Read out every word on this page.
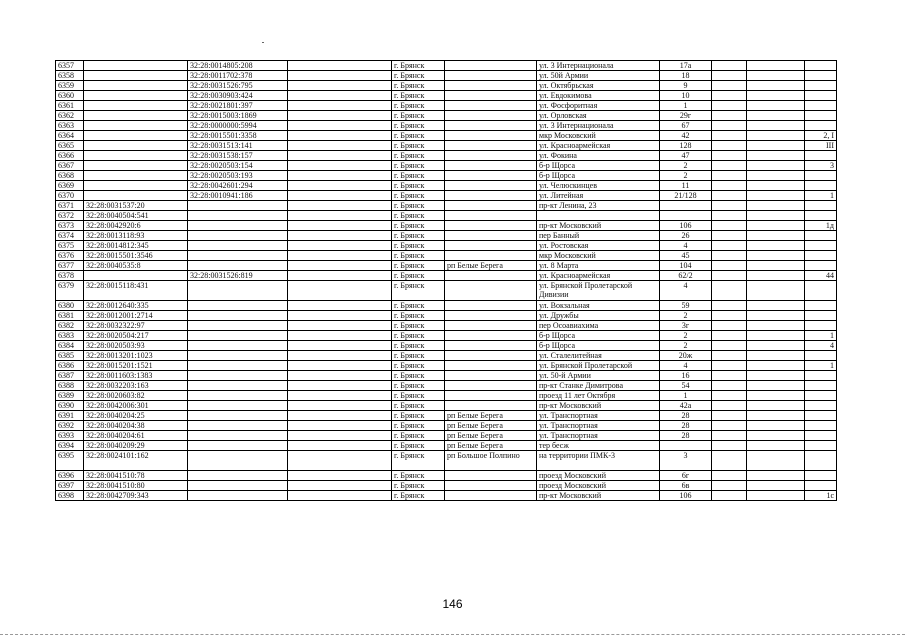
6357		32:28:0014805:208		г. Брянск		ул. 3 Интернационала	17а			
6358		32:28:0011702:378		г. Брянск		ул. 50й Армии	18			
6359		32:28:0031526:795		г. Брянск		ул. Октябрьская	9			
6360		32:28:0030903:424		г. Брянск		ул. Евдокимова	10			
6361		32:28:0021801:397		г. Брянск		ул. Фосфоритная	1			
6362		32:28:0015003:1869		г. Брянск		ул. Орловская	29г			
6363		32:28:0000000:5994		г. Брянск		ул. 3 Интернационала	67			
6364		32:28:0015501:3358		г. Брянск		мкр Московский	42			2, I
6365		32:28:0031513:141		г. Брянск		ул. Красноармейская	128			III
6366		32:28:0031538:157		г. Брянск		ул. Фокина	47			
6367		32:28:0020503:154		г. Брянск		б-р Щорса	2			3
6368		32:28:0020503:193		г. Брянск		б-р Щорса	2			
6369		32:28:0042601:294		г. Брянск		ул. Челюскинцев	11			
6370		32:28:0010941:186		г. Брянск		ул. Литейная	21/128			1
6371	32:28:0031537:20			г. Брянск		пр-кт Ленина, 23				
6372	32:28:0040504:541			г. Брянск						
6373	32:28:0042920:6			г. Брянск		пр-кт Московский	106			1д
6374	32:28:0013118:93			г. Брянск		пер Банный	26			
6375	32:28:0014812:345			г. Брянск		ул. Ростовская	4			
6376	32:28:0015501:3546			г. Брянск		мкр Московский	45			
6377	32:28:0040535:8			г. Брянск	рп Белые Берега	ул. 8 Марта	104			
6378		32:28:0031526:819		г. Брянск		ул. Красноармейская	62/2			44
6379	32:28:0015118:431			г. Брянск		ул. Брянской Пролетарской Дивизии	4			
6380	32:28:0012640:335			г. Брянск		ул. Вокзальная	59			
6381	32:28:0012001:2714			г. Брянск		ул. Дружбы	2			
6382	32:28:0032322:97			г. Брянск		пер Осоавиахима	3г			
6383	32:28:0020504:217			г. Брянск		б-р Щорса	2			1
6384	32:28:0020503:93			г. Брянск		б-р Щорса	2			4
6385	32:28:0013201:1023			г. Брянск		ул. Сталелитейная	20ж			
6386	32:28:0015201:1521			г. Брянск		ул. Брянской Пролетарской	4			1
6387	32:28:0011603:1383			г. Брянск		ул. 50-й Армии	16			
6388	32:28:0032203:163			г. Брянск		пр-кт Станке Димитрова	54			
6389	32:28:0020603:82			г. Брянск		проезд 11 лет Октября	1			
6390	32:28:0042006:301			г. Брянск		пр-кт Московский	42а			
6391	32:28:0040204:25			г. Брянск	рп Белые Берега	ул. Транспортная	28			
6392	32:28:0040204:38			г. Брянск	рп Белые Берега	ул. Транспортная	28			
6393	32:28:0040204:61			г. Брянск	рп Белые Берега	ул. Транспортная	28			
6394	32:28:0040209:29			г. Брянск	рп Белые Берега	тер бесж				
6395	32:28:0024101:162			г. Брянск	рп Большое Полпино	на территории ПМК-3	3			
6396	32:28:0041510:78			г. Брянск		проезд Московский	6г			
6397	32:28:0041510:80			г. Брянск		проезд Московский	6в			
6398	32:28:0042709:343			г. Брянск		пр-кт Московский	106			1с
146
